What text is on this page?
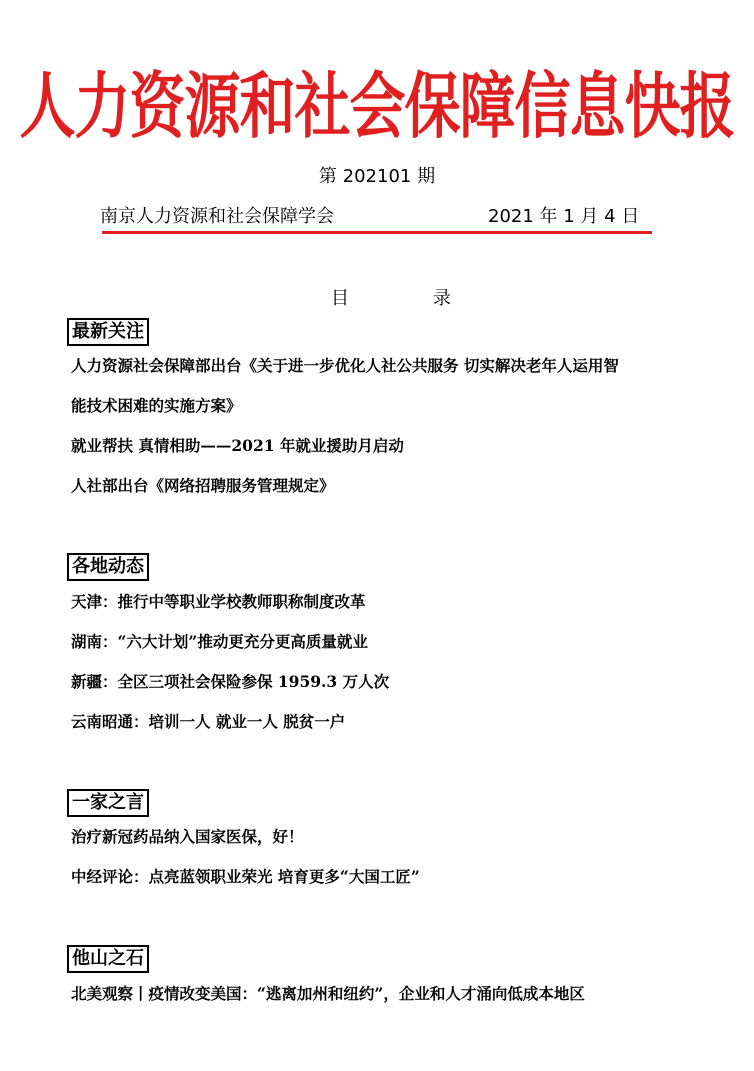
人力资源和社会保障信息快报
第 202101 期
南京人力资源和社会保障学会	2021 年 1 月 4 日
目	录
最新关注
人力资源社会保障部出台《关于进一步优化人社公共服务 切实解决老年人运用智
能技术困难的实施方案》
就业帮扶 真情相助——2021 年就业援助月启动
人社部出台《网络招聘服务管理规定》
各地动态
天津：推行中等职业学校教师职称制度改革
湖南：“六大计划”推动更充分更高质量就业
新疆：全区三项社会保险参保 1959.3 万人次
云南昭通：培训一人 就业一人 脱贫一户
一家之言
治疗新冠药品纳入国家医保，好！
中经评论：点亮蓝领职业荣光 培育更多“大国工匠”
他山之石
北美观察丨疫情改变美国：“逃离加州和纽约”，企业和人才涌向低成本地区
